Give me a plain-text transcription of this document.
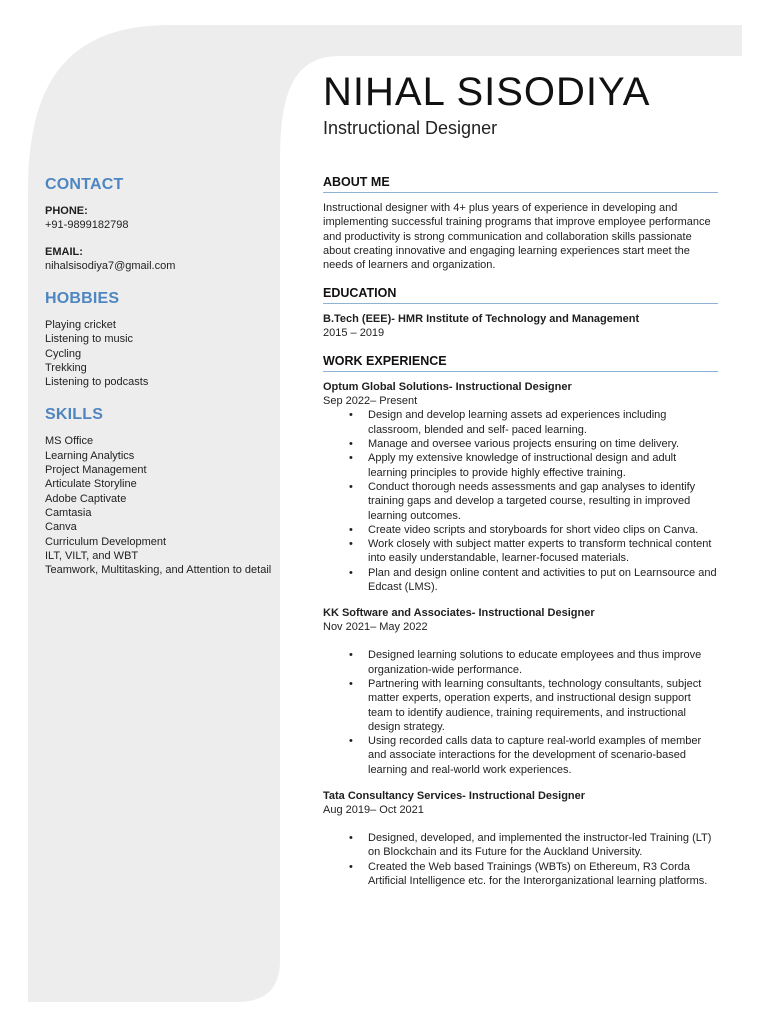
CONTACT
PHONE:
+91-9899182798
EMAIL:
nihalsisodiya7@gmail.com
HOBBIES
Playing cricket
Listening to music
Cycling
Trekking
Listening to podcasts
SKILLS
MS Office
Learning Analytics
Project Management
Articulate Storyline
Adobe Captivate
Camtasia
Canva
Curriculum Development
ILT, VILT, and WBT
Teamwork, Multitasking, and Attention to detail
NIHAL SISODIYA
Instructional Designer
ABOUT ME

Instructional designer with 4+ plus years of experience in developing and implementing successful training programs that improve employee performance and productivity is strong communication and collaboration skills passionate about creating innovative and engaging learning experiences start meet the needs of learners and organization.

EDUCATION
B.Tech (EEE)- HMR Institute of Technology and Management
2015 – 2019
WORK EXPERIENCE
Optum Global Solutions- Instructional Designer
Sep 2022– Present
• Design and develop learning assets ad experiences including classroom, blended and self- paced learning.
• Manage and oversee various projects ensuring on time delivery.
• Apply my extensive knowledge of instructional design and adult learning principles to provide highly effective training.
• Conduct thorough needs assessments and gap analyses to identify training gaps and develop a targeted course, resulting in improved learning outcomes.
• Create video scripts and storyboards for short video clips on Canva.
• Work closely with subject matter experts to transform technical content into easily understandable, learner-focused materials.
• Plan and design online content and activities to put on Learnsource and Edcast (LMS).
KK Software and Associates- Instructional Designer
Nov 2021– May 2022
• Designed learning solutions to educate employees and thus improve organization-wide performance.
• Partnering with learning consultants, technology consultants, subject matter experts, operation experts, and instructional design support team to identify audience, training requirements, and instructional design strategy.
• Using recorded calls data to capture real-world examples of member and associate interactions for the development of scenario-based learning and real-world work experiences.
Tata Consultancy Services- Instructional Designer
Aug 2019– Oct 2021
• Designed, developed, and implemented the instructor-led Training (LT) on Blockchain and its Future for the Auckland University.
• Created the Web based Trainings (WBTs) on Ethereum, R3 Corda Artificial Intelligence etc. for the Interorganizational learning platforms.
